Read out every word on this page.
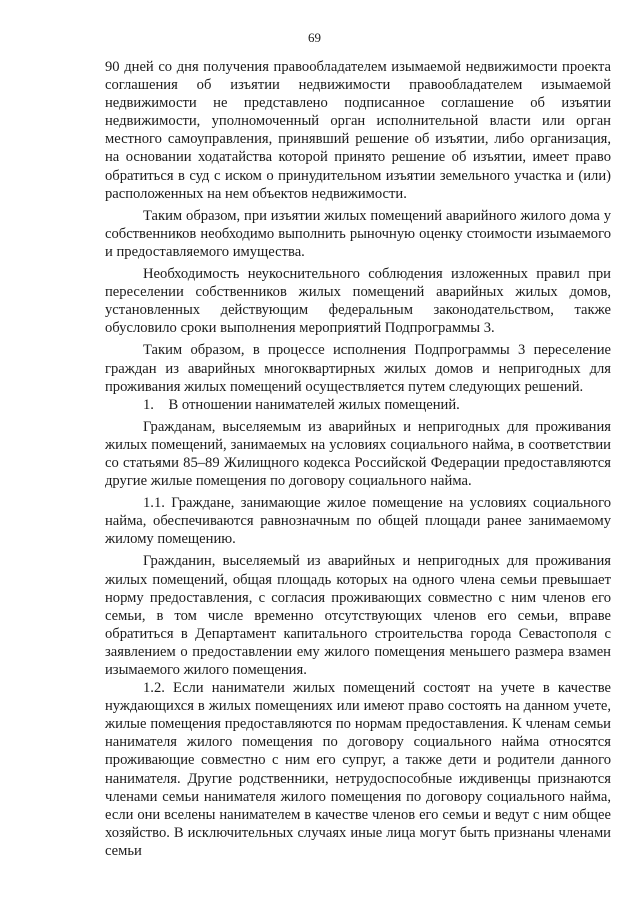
69

90 дней со дня получения правообладателем изымаемой недвижимости проекта соглашения об изъятии недвижимости правообладателем изымаемой недвижимости не представлено подписанное соглашение об изъятии недвижимости, уполномоченный орган исполнительной власти или орган местного самоуправления, принявший решение об изъятии, либо организация, на основании ходатайства которой принято решение об изъятии, имеет право обратиться в суд с иском о принудительном изъятии земельного участка и (или) расположенных на нем объектов недвижимости.

Таким образом, при изъятии жилых помещений аварийного жилого дома у собственников необходимо выполнить рыночную оценку стоимости изымаемого и предоставляемого имущества.

Необходимость неукоснительного соблюдения изложенных правил при переселении собственников жилых помещений аварийных жилых домов, установленных действующим федеральным законодательством, также обусловило сроки выполнения мероприятий Подпрограммы 3.

Таким образом, в процессе исполнения Подпрограммы 3 переселение граждан из аварийных многоквартирных жилых домов и непригодных для проживания жилых помещений осуществляется путем следующих решений.

1. В отношении нанимателей жилых помещений.

Гражданам, выселяемым из аварийных и непригодных для проживания жилых помещений, занимаемых на условиях социального найма, в соответствии со статьями 85–89 Жилищного кодекса Российской Федерации предоставляются другие жилые помещения по договору социального найма.

1.1. Граждане, занимающие жилое помещение на условиях социального найма, обеспечиваются равнозначным по общей площади ранее занимаемому жилому помещению.

Гражданин, выселяемый из аварийных и непригодных для проживания жилых помещений, общая площадь которых на одного члена семьи превышает норму предоставления, с согласия проживающих совместно с ним членов его семьи, в том числе временно отсутствующих членов его семьи, вправе обратиться в Департамент капитального строительства города Севастополя с заявлением о предоставлении ему жилого помещения меньшего размера взамен изымаемого жилого помещения.

1.2. Если наниматели жилых помещений состоят на учете в качестве нуждающихся в жилых помещениях или имеют право состоять на данном учете, жилые помещения предоставляются по нормам предоставления. К членам семьи нанимателя жилого помещения по договору социального найма относятся проживающие совместно с ним его супруг, а также дети и родители данного нанимателя. Другие родственники, нетрудоспособные иждивенцы признаются членами семьи нанимателя жилого помещения по договору социального найма, если они вселены нанимателем в качестве членов его семьи и ведут с ним общее хозяйство. В исключительных случаях иные лица могут быть признаны членами семьи
